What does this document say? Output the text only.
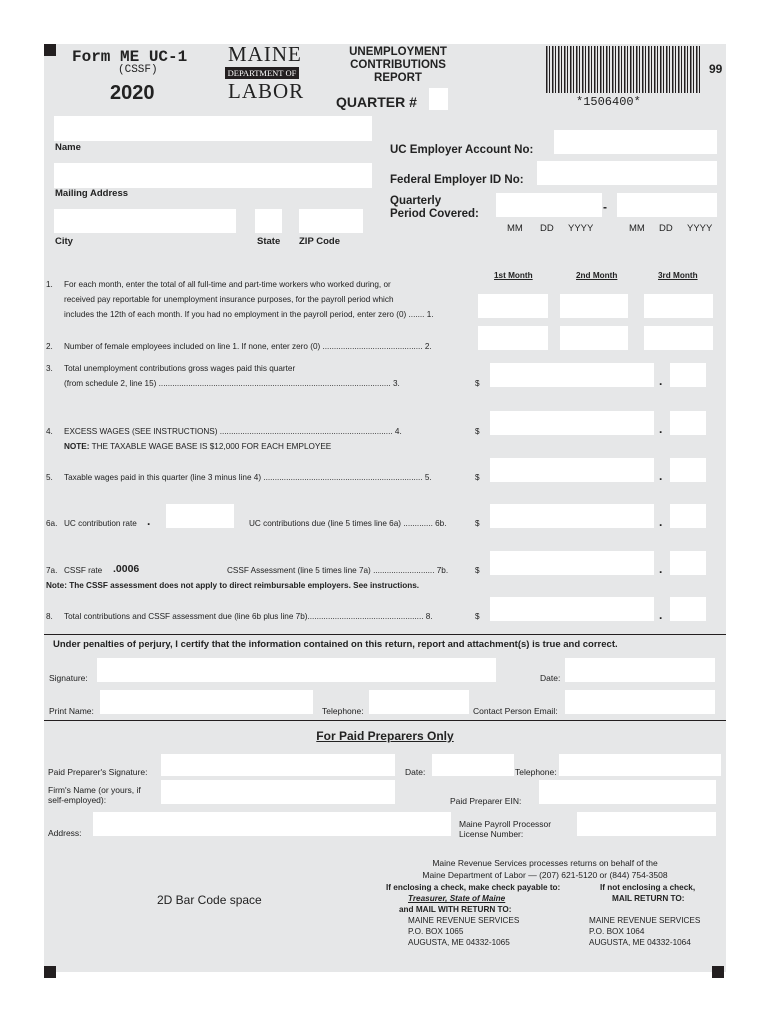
Form ME UC-1
(CSSF)
2020
MAINE
DEPARTMENT OF
LABOR
UNEMPLOYMENT
CONTRIBUTIONS
REPORT
QUARTER #	*1506400*
99
Name
Mailing Address
City	State ZIP Code
UC Employer Account No:
Federal Employer ID No:
Quarterly
Period Covered:	-
MM DD YYYY	MM DD YYYY
1st Month	2nd Month	3rd Month
1. For each month, enter the total of all full-time and part-time workers who worked during, or
received pay reportable for unemployment insurance purposes, for the payroll period which
includes the 12th of each month. If you had no employment in the payroll period, enter zero (0) ....... 1.
2. Number of female employees included on line 1. If none, enter zero (0) ............................................ 2.
3. Total unemployment contributions gross wages paid this quarter
(from schedule 2, line 15) ...................................................................................................... 3.	$	.
4. EXCESS WAGES (SEE INSTRUCTIONS) ............................................................................ 4.
NOTE: THE TAXABLE WAGE BASE IS $12,000 FOR EACH EMPLOYEE
$	.
5. Taxable wages paid in this quarter (line 3 minus line 4) ...................................................................... 5.	$	.
6a. UC contribution rate .	UC contributions due (line 5 times line 6a) ............. 6b.	$	.
7a. CSSF rate .0006	CSSF Assessment (line 5 times line 7a) ........................... 7b.
Note: The CSSF assessment does not apply to direct reimbursable employers. See instructions.
$	.
8. Total contributions and CSSF assessment due (line 6b plus line 7b)................................................... 8.	$	.
Under penalties of perjury, I certify that the information contained on this return, report and attachment(s) is true and correct.
Signature:	Date:
Print Name:	Telephone:	Contact Person Email:
For Paid Preparers Only
Paid Preparer's Signature:	Date:	Telephone:
Firm's Name (or yours, if
self-employed):	Paid Preparer EIN:
Address:
Maine Payroll Processor
License Number:
2D Bar Code space
Maine Revenue Services processes returns on behalf of the
Maine Department of Labor — (207) 621-5120 or (844) 754-3508
If enclosing a check, make check payable to:
Treasurer, State of Maine
and MAIL WITH RETURN TO:
MAINE REVENUE SERVICES
P.O. BOX 1065
AUGUSTA, ME 04332-1065
If not enclosing a check,
MAIL RETURN TO:
MAINE REVENUE SERVICES
P.O. BOX 1064
AUGUSTA, ME 04332-1064
